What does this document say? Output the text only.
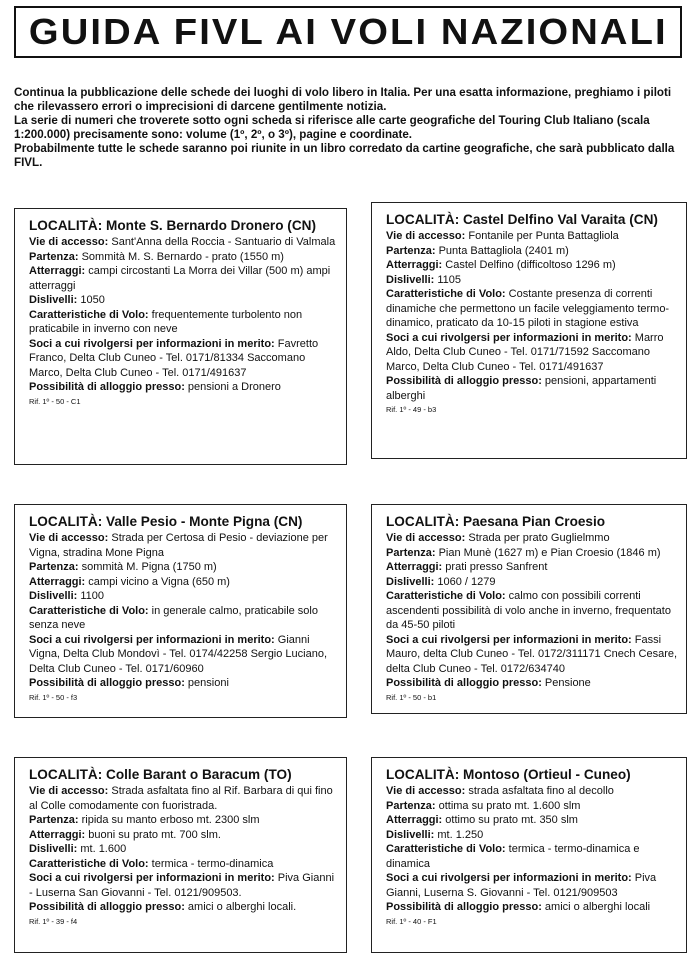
GUIDA FIVL AI VOLI NAZIONALI

Continua la pubblicazione delle schede dei luoghi di volo libero in Italia. Per una esatta informazione, preghiamo i piloti che rilevassero errori o imprecisioni di darcene gentilmente notizia.

La serie di numeri che troverete sotto ogni scheda si riferisce alle carte geografiche del Touring Club Italiano (scala 1:200.000) precisamente sono: volume (1º, 2º, o 3º), pagine e coordinate.

Probabilmente tutte le schede saranno poi riunite in un libro corredato da cartine geografiche, che sarà pubblicato dalla FIVL.

LOCALITÀ: Monte S. Bernardo Dronero (CN)

Vie di accesso: Sant'Anna della Roccia - Santuario di Valmala

Partenza: Sommità M. S. Bernardo - prato (1550 m)

Atterraggi: campi circostanti La Morra dei Villar (500 m) ampi atterraggi

Dislivelli: 1050

Caratteristiche di Volo: frequentemente turbolento non praticabile in inverno con neve

Soci a cui rivolgersi per informazioni in merito: Favretto Franco, Delta Club Cuneo - Tel. 0171/81334 Saccomano Marco, Delta Club Cuneo - Tel. 0171/491637

Possibilità di alloggio presso: pensioni a Dronero

Rif. 1º - 50 - C1
LOCALITÀ: Castel Delfino Val Varaita (CN)

Vie di accesso: Fontanile per Punta Battagliola

Partenza: Punta Battagliola (2401 m)

Atterraggi: Castel Delfino (difficoltoso 1296 m)

Dislivelli: 1105

Caratteristiche di Volo: Costante presenza di correnti dinamiche che permettono un facile veleggiamento termo-dinamico, praticato da 10-15 piloti in stagione estiva

Soci a cui rivolgersi per informazioni in merito: Marro Aldo, Delta Club Cuneo - Tel. 0171/71592 Saccomano Marco, Delta Club Cuneo - Tel. 0171/491637

Possibilità di alloggio presso: pensioni, appartamenti alberghi

Rif. 1º - 49 - b3
LOCALITÀ: Valle Pesio - Monte Pigna (CN)

Vie di accesso: Strada per Certosa di Pesio - deviazione per Vigna, stradina Mone Pigna

Partenza: sommità M. Pigna (1750 m)

Atterraggi: campi vicino a Vigna (650 m)

Dislivelli: 1100

Caratteristiche di Volo: in generale calmo, praticabile solo senza neve

Soci a cui rivolgersi per informazioni in merito: Gianni Vigna, Delta Club Mondovì - Tel. 0174/42258 Sergio Luciano, Delta Club Cuneo - Tel. 0171/60960

Possibilità di alloggio presso: pensioni

Rif. 1º - 50 - f3
LOCALITÀ: Paesana Pian Croesio

Vie di accesso: Strada per prato Guglielmmo

Partenza: Pian Munè (1627 m) e Pian Croesio (1846 m)

Atterraggi: prati presso Sanfrent

Dislivelli: 1060 / 1279

Caratteristiche di Volo: calmo con possibili correnti ascendenti possibilità di volo anche in inverno, frequentato da 45-50 piloti

Soci a cui rivolgersi per informazioni in merito: Fassi Mauro, delta Club Cuneo - Tel. 0172/311171 Cnech Cesare, delta Club Cuneo - Tel. 0172/634740

Possibilità di alloggio presso: Pensione

Rif. 1º - 50 - b1
LOCALITÀ: Colle Barant o Baracum (TO)

Vie di accesso: Strada asfaltata fino al Rif. Barbara di qui fino al Colle comodamente con fuoristrada.

Partenza: ripida su manto erboso mt. 2300 slm

Atterraggi: buoni su prato mt. 700 slm.

Dislivelli: mt. 1.600

Caratteristiche di Volo: termica - termo-dinamica

Soci a cui rivolgersi per informazioni in merito: Piva Gianni - Luserna San Giovanni - Tel. 0121/909503.

Possibilità di alloggio presso: amici o alberghi locali.

Rif. 1º - 39 - f4
LOCALITÀ: Montoso (Ortieul - Cuneo)

Vie di accesso: strada asfaltata fino al decollo

Partenza: ottima su prato mt. 1.600 slm

Atterraggi: ottimo su prato mt. 350 slm

Dislivelli: mt. 1.250

Caratteristiche di Volo: termica - termo-dinamica e dinamica

Soci a cui rivolgersi per informazioni in merito: Piva Gianni, Luserna S. Giovanni - Tel. 0121/909503

Possibilità di alloggio presso: amici o alberghi locali

Rif. 1º - 40 - F1
